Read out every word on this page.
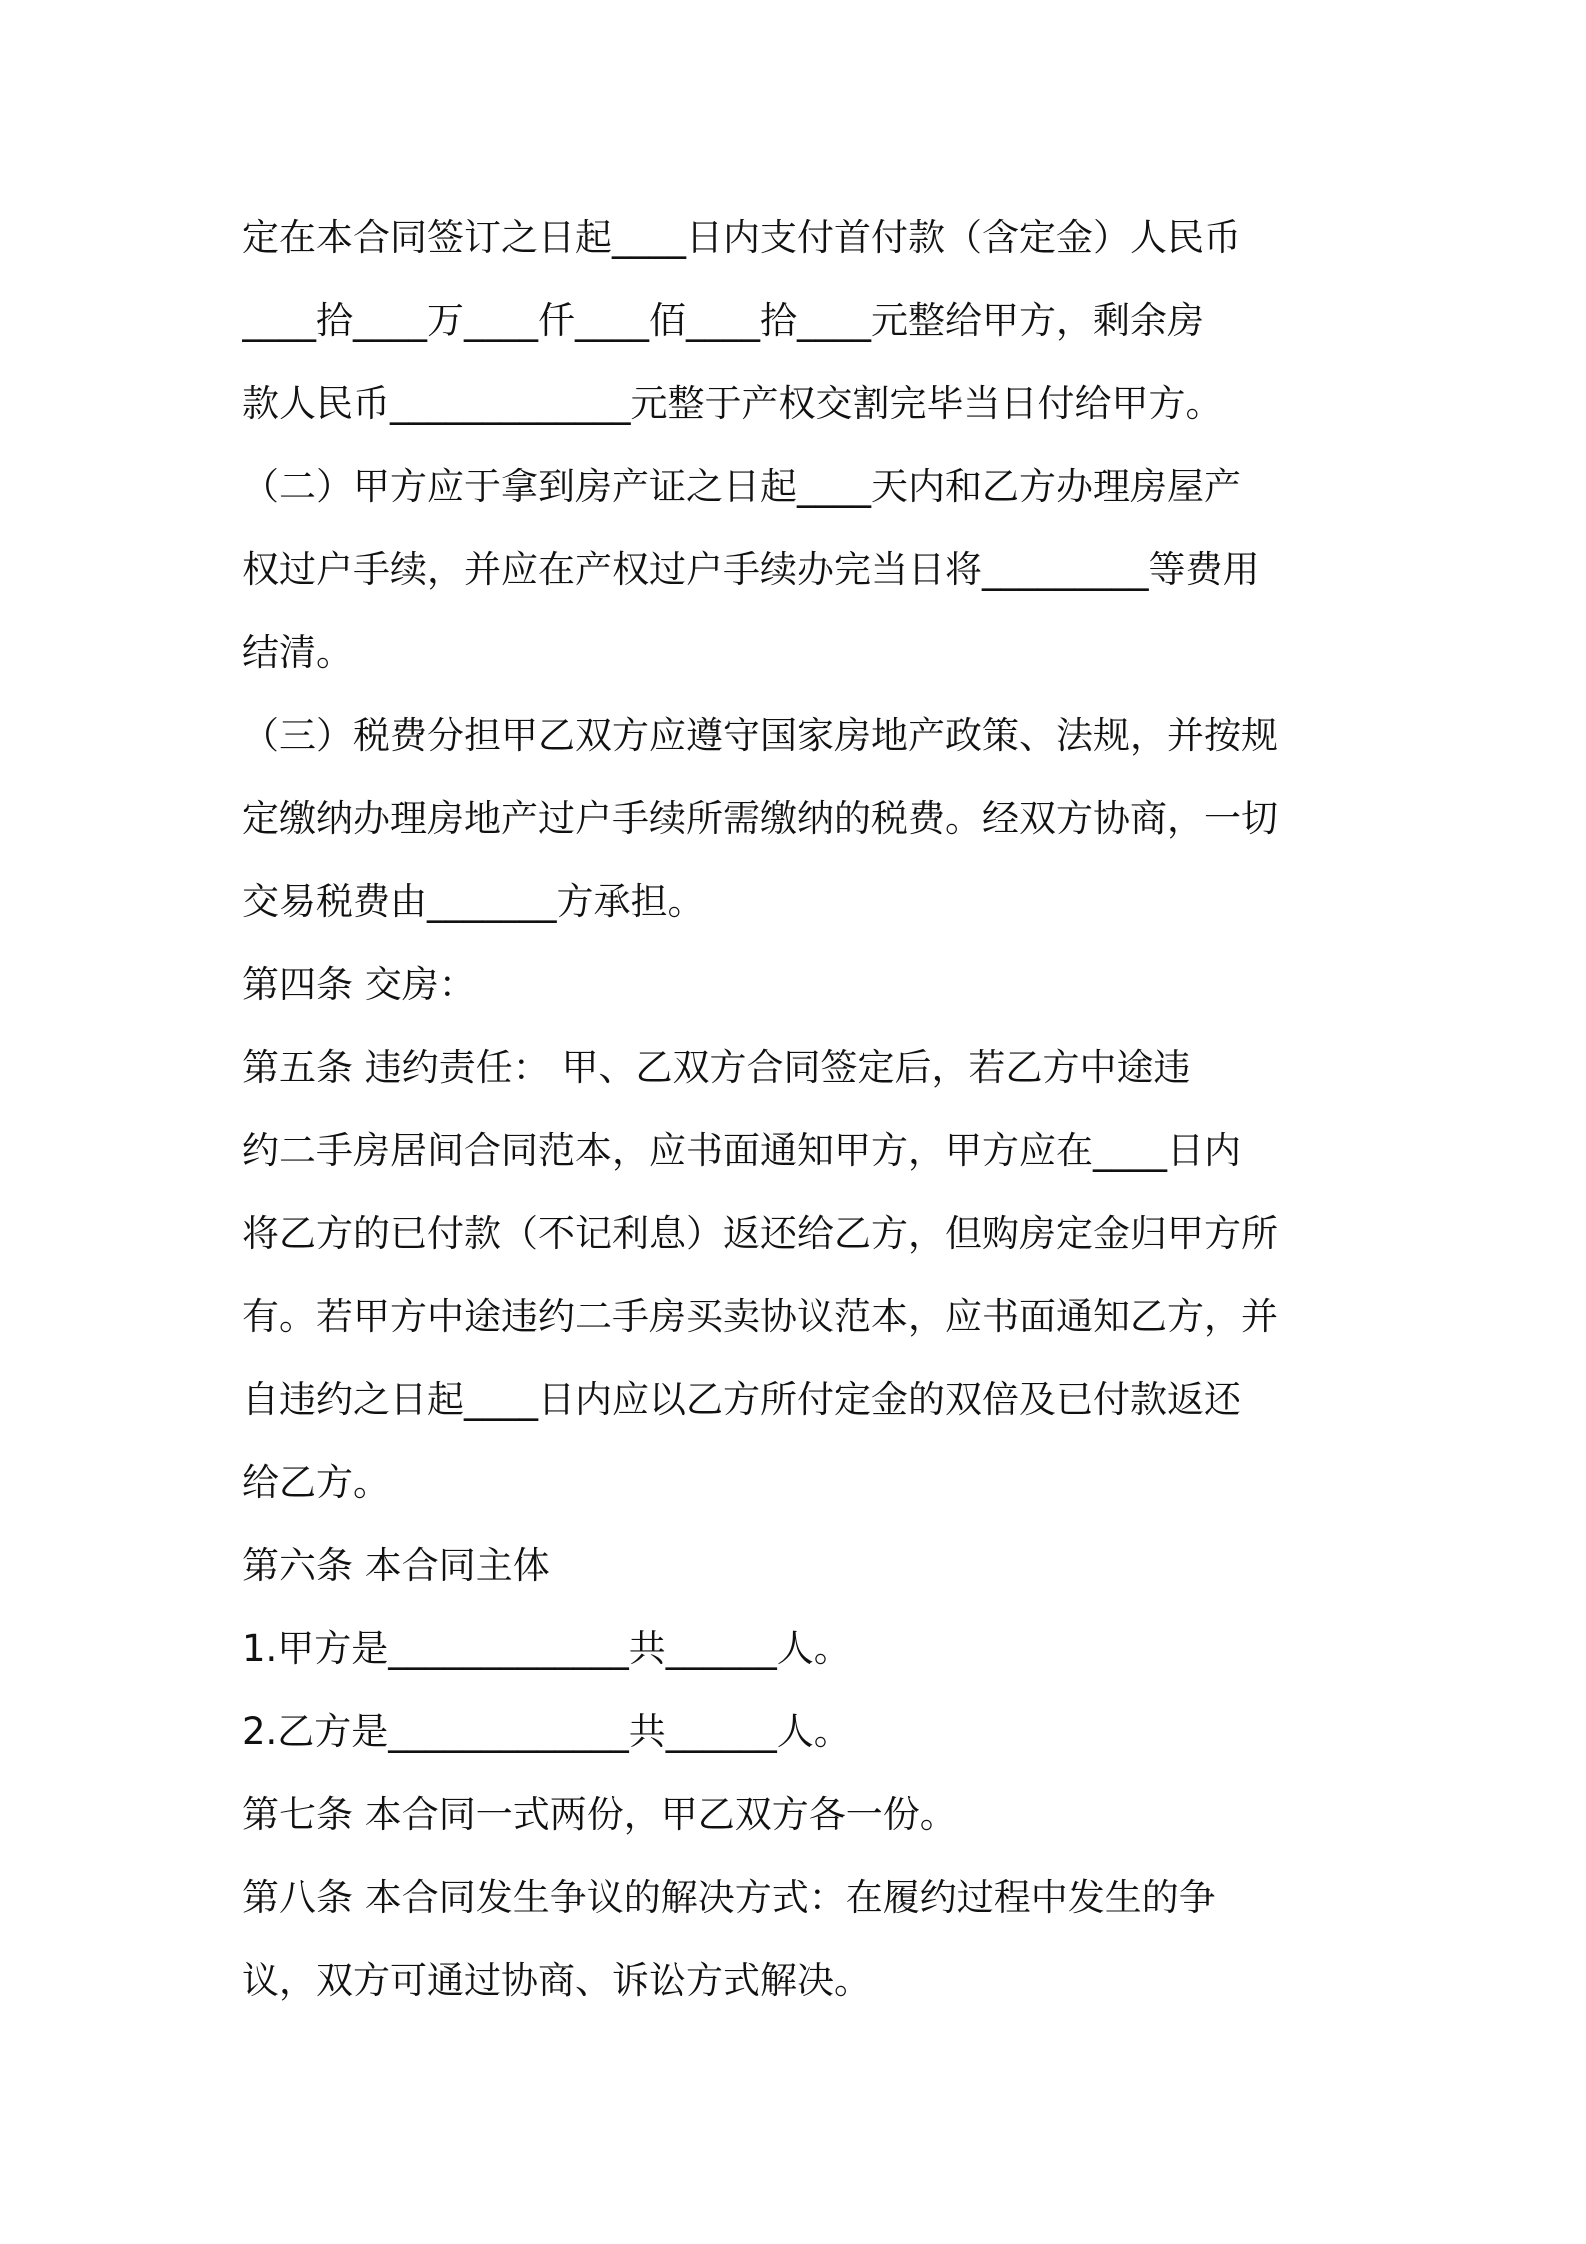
定在本合同签订之日起____日内支付首付款（含定金）人民币
____拾____万____仟____佰____拾____元整给甲方，剩余房
款人民币_____________元整于产权交割完毕当日付给甲方。
（二）甲方应于拿到房产证之日起____天内和乙方办理房屋产
权过户手续，并应在产权过户手续办完当日将_________等费用
结清。
（三）税费分担甲乙双方应遵守国家房地产政策、法规，并按规
定缴纳办理房地产过户手续所需缴纳的税费。经双方协商，一切
交易税费由_______方承担。
第四条 交房：
第五条 违约责任： 甲、乙双方合同签定后，若乙方中途违
约二手房居间合同范本，应书面通知甲方，甲方应在____日内
将乙方的已付款（不记利息）返还给乙方，但购房定金归甲方所
有。若甲方中途违约二手房买卖协议范本，应书面通知乙方，并
自违约之日起____日内应以乙方所付定金的双倍及已付款返还
给乙方。
第六条 本合同主体
1.甲方是_____________共______人。
2.乙方是_____________共______人。
第七条 本合同一式两份，甲乙双方各一份。
第八条 本合同发生争议的解决方式：在履约过程中发生的争
议，双方可通过协商、诉讼方式解决。
